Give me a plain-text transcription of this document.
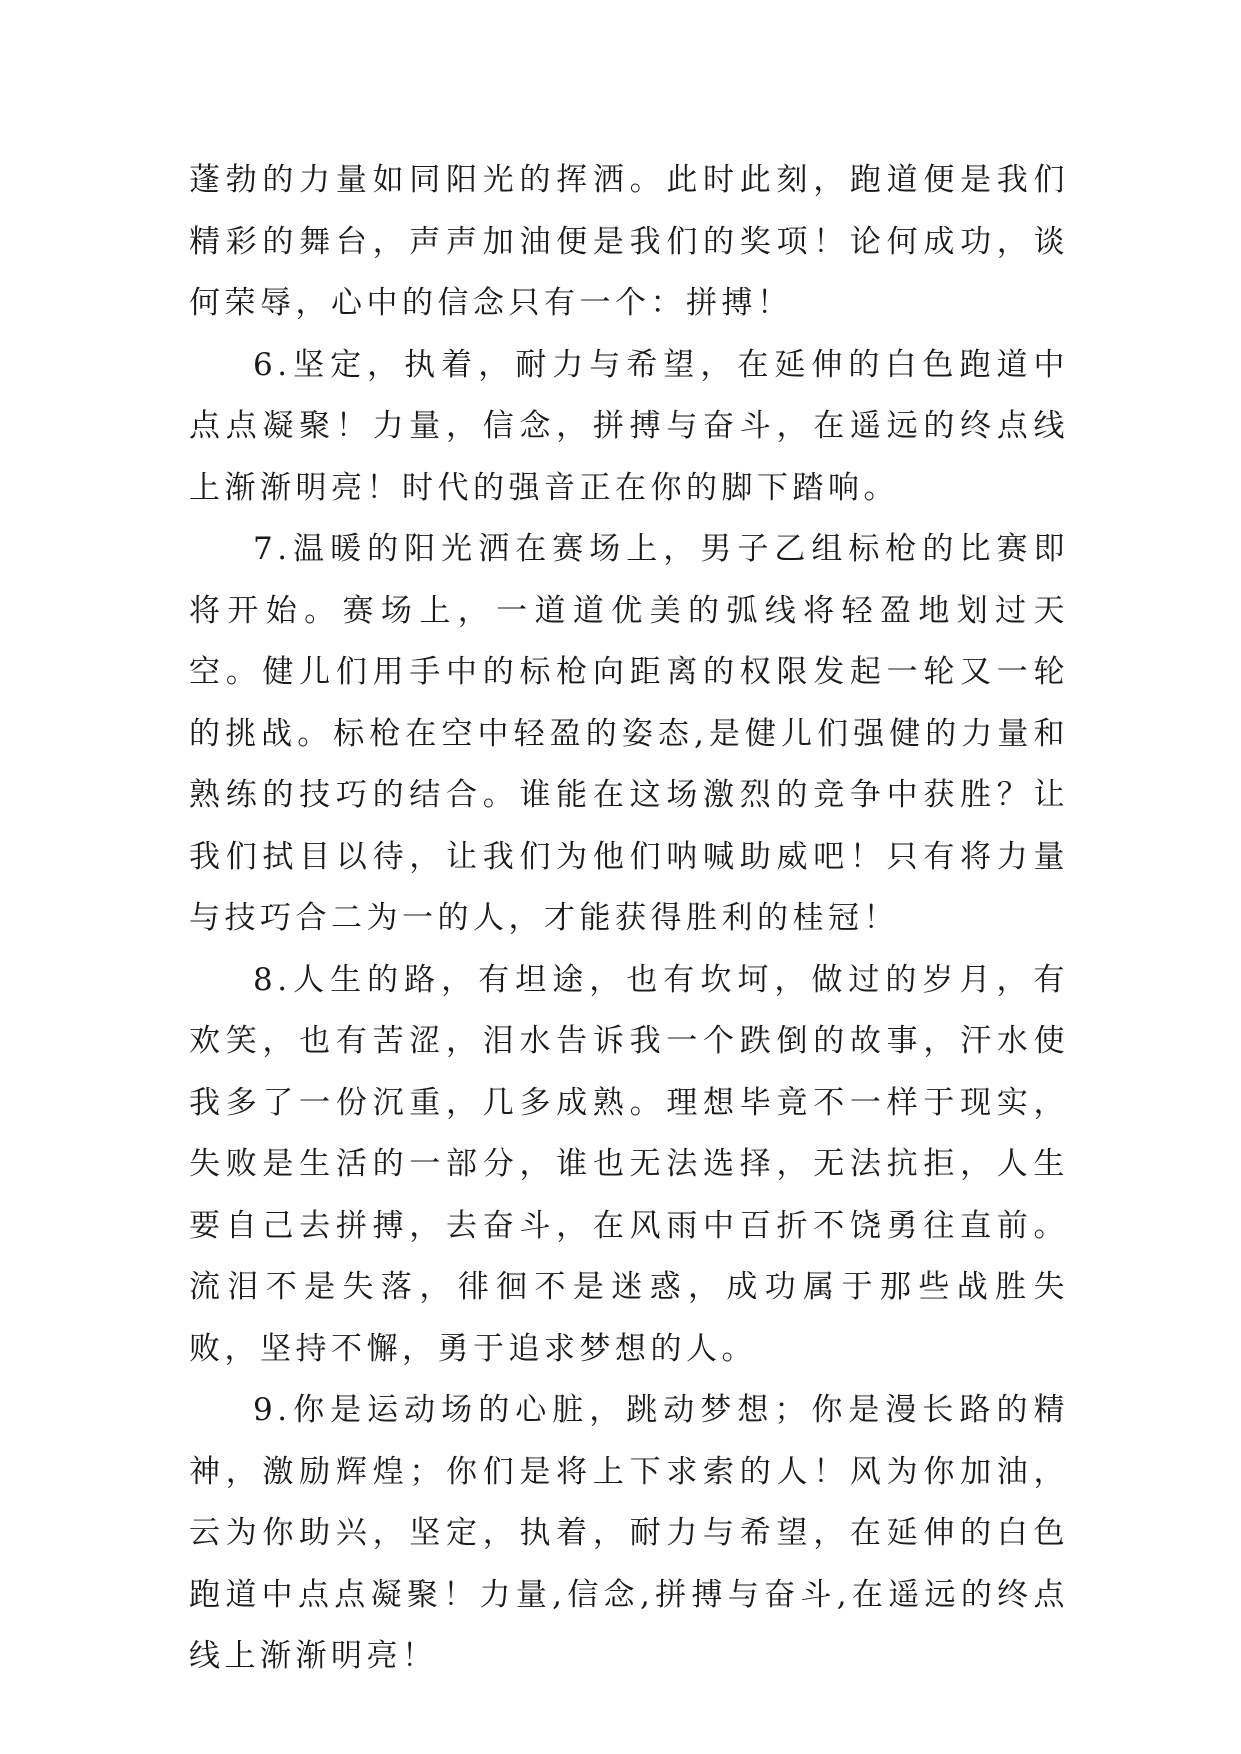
蓬勃的力量如同阳光的挥洒。此时此刻，跑道便是我们精彩的舞台，声声加油便是我们的奖项！论何成功，谈何荣辱，心中的信念只有一个：拼搏！

6.坚定，执着，耐力与希望，在延伸的白色跑道中点点凝聚！力量，信念，拼搏与奋斗，在遥远的终点线上渐渐明亮！时代的强音正在你的脚下踏响。

7.温暖的阳光洒在赛场上，男子乙组标枪的比赛即将开始。赛场上，一道道优美的弧线将轻盈地划过天空。健儿们用手中的标枪向距离的权限发起一轮又一轮的挑战。标枪在空中轻盈的姿态,是健儿们强健的力量和熟练的技巧的结合。谁能在这场激烈的竞争中获胜？让我们拭目以待，让我们为他们呐喊助威吧！只有将力量与技巧合二为一的人，才能获得胜利的桂冠！

8.人生的路，有坦途，也有坎坷，做过的岁月，有欢笑，也有苦涩，泪水告诉我一个跌倒的故事，汗水使我多了一份沉重，几多成熟。理想毕竟不一样于现实，失败是生活的一部分，谁也无法选择，无法抗拒，人生要自己去拼搏，去奋斗，在风雨中百折不饶勇往直前。流泪不是失落，徘徊不是迷惑，成功属于那些战胜失败，坚持不懈，勇于追求梦想的人。

9.你是运动场的心脏，跳动梦想；你是漫长路的精神，激励辉煌；你们是将上下求索的人！风为你加油，云为你助兴，坚定，执着，耐力与希望，在延伸的白色跑道中点点凝聚！力量,信念,拼搏与奋斗,在遥远的终点线上渐渐明亮！
